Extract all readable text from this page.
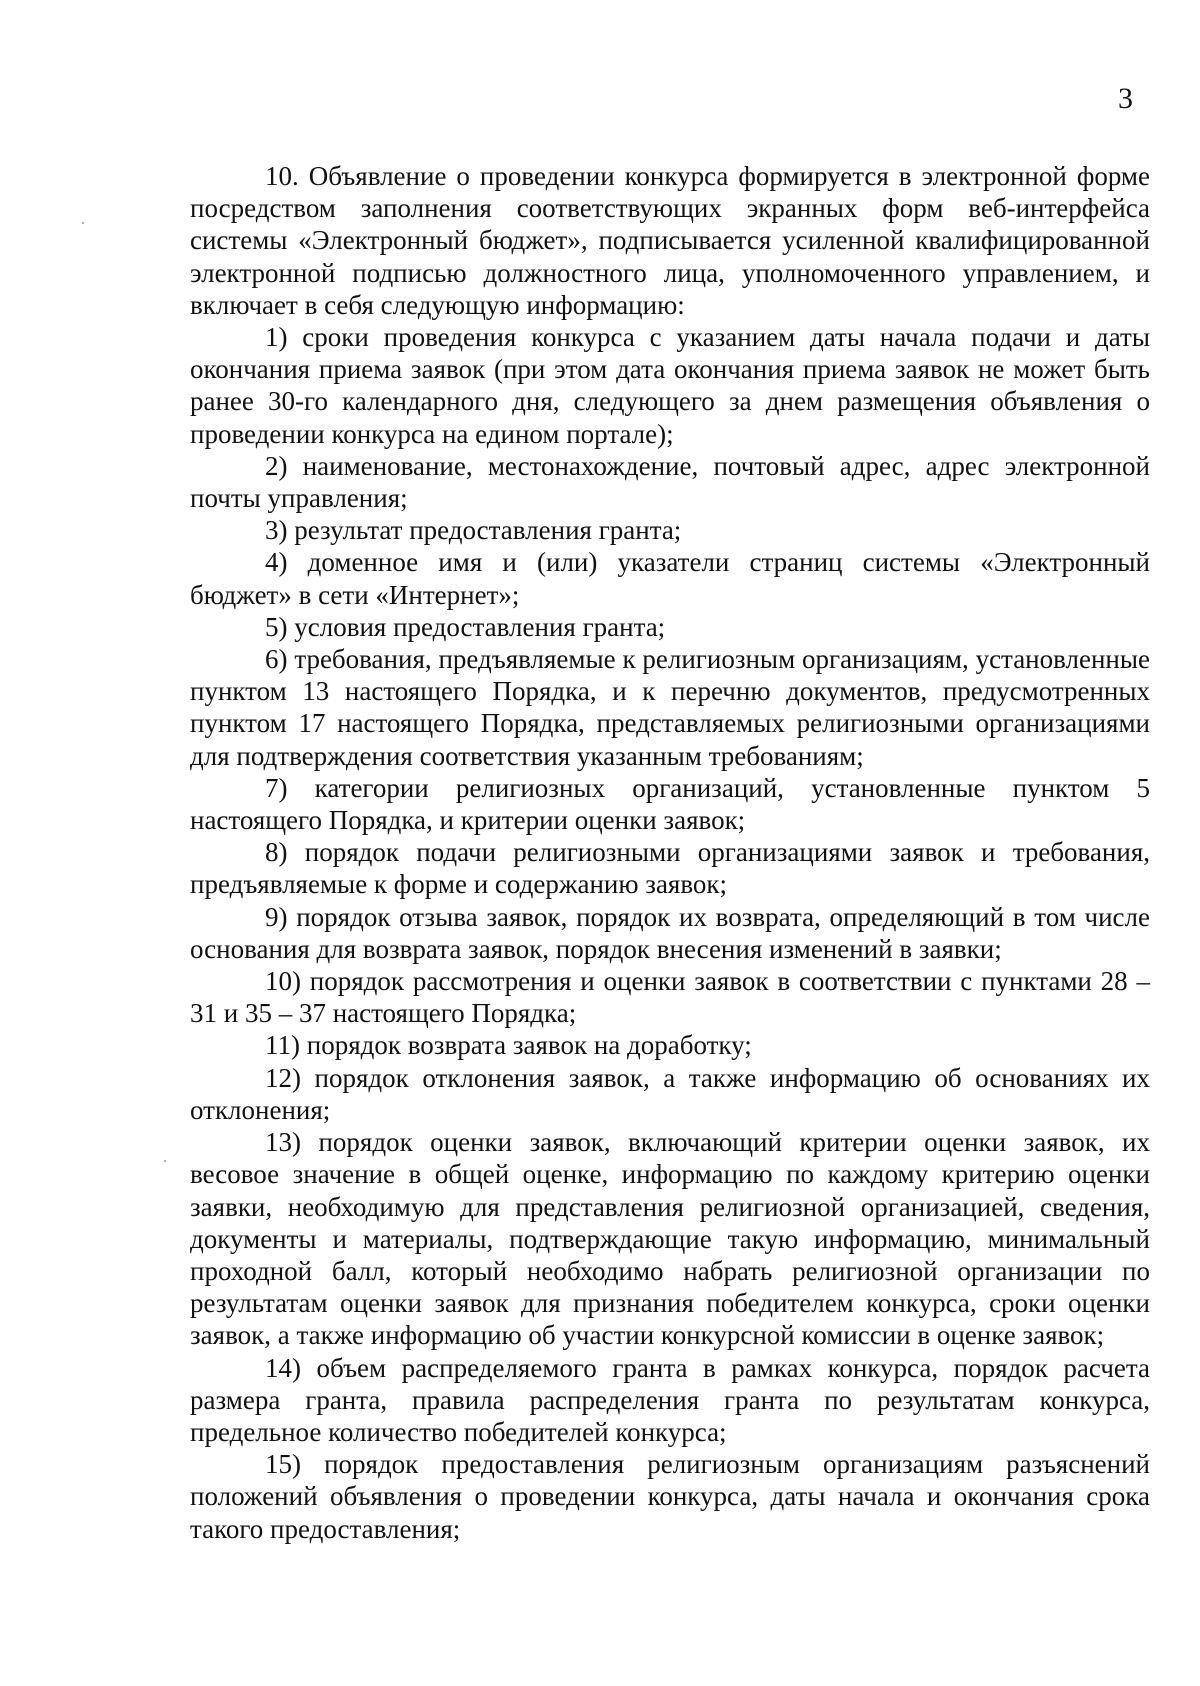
3

10. Объявление о проведении конкурса формируется в электронной форме посредством заполнения соответствующих экранных форм веб-интерфейса системы «Электронный бюджет», подписывается усиленной квалифицированной электронной подписью должностного лица, уполномоченного управлением, и включает в себя следующую информацию:

1) сроки проведения конкурса с указанием даты начала подачи и даты окончания приема заявок (при этом дата окончания приема заявок не может быть ранее 30-го календарного дня, следующего за днем размещения объявления о проведении конкурса на едином портале);

2) наименование, местонахождение, почтовый адрес, адрес электронной почты управления;

3) результат предоставления гранта;

4) доменное имя и (или) указатели страниц системы «Электронный бюджет» в сети «Интернет»;

5) условия предоставления гранта;

6) требования, предъявляемые к религиозным организациям, установленные пунктом 13 настоящего Порядка, и к перечню документов, предусмотренных пунктом 17 настоящего Порядка, представляемых религиозными организациями для подтверждения соответствия указанным требованиям;

7) категории религиозных организаций, установленные пунктом 5 настоящего Порядка, и критерии оценки заявок;

8) порядок подачи религиозными организациями заявок и требования, предъявляемые к форме и содержанию заявок;

9) порядок отзыва заявок, порядок их возврата, определяющий в том числе основания для возврата заявок, порядок внесения изменений в заявки;

10) порядок рассмотрения и оценки заявок в соответствии с пунктами 28 – 31 и 35 – 37 настоящего Порядка;

11) порядок возврата заявок на доработку;

12) порядок отклонения заявок, а также информацию об основаниях их отклонения;

13) порядок оценки заявок, включающий критерии оценки заявок, их весовое значение в общей оценке, информацию по каждому критерию оценки заявки, необходимую для представления религиозной организацией, сведения, документы и материалы, подтверждающие такую информацию, минимальный проходной балл, который необходимо набрать религиозной организации по результатам оценки заявок для признания победителем конкурса, сроки оценки заявок, а также информацию об участии конкурсной комиссии в оценке заявок;

14) объем распределяемого гранта в рамках конкурса, порядок расчета размера гранта, правила распределения гранта по результатам конкурса, предельное количество победителей конкурса;

15) порядок предоставления религиозным организациям разъяснений положений объявления о проведении конкурса, даты начала и окончания срока такого предоставления;
